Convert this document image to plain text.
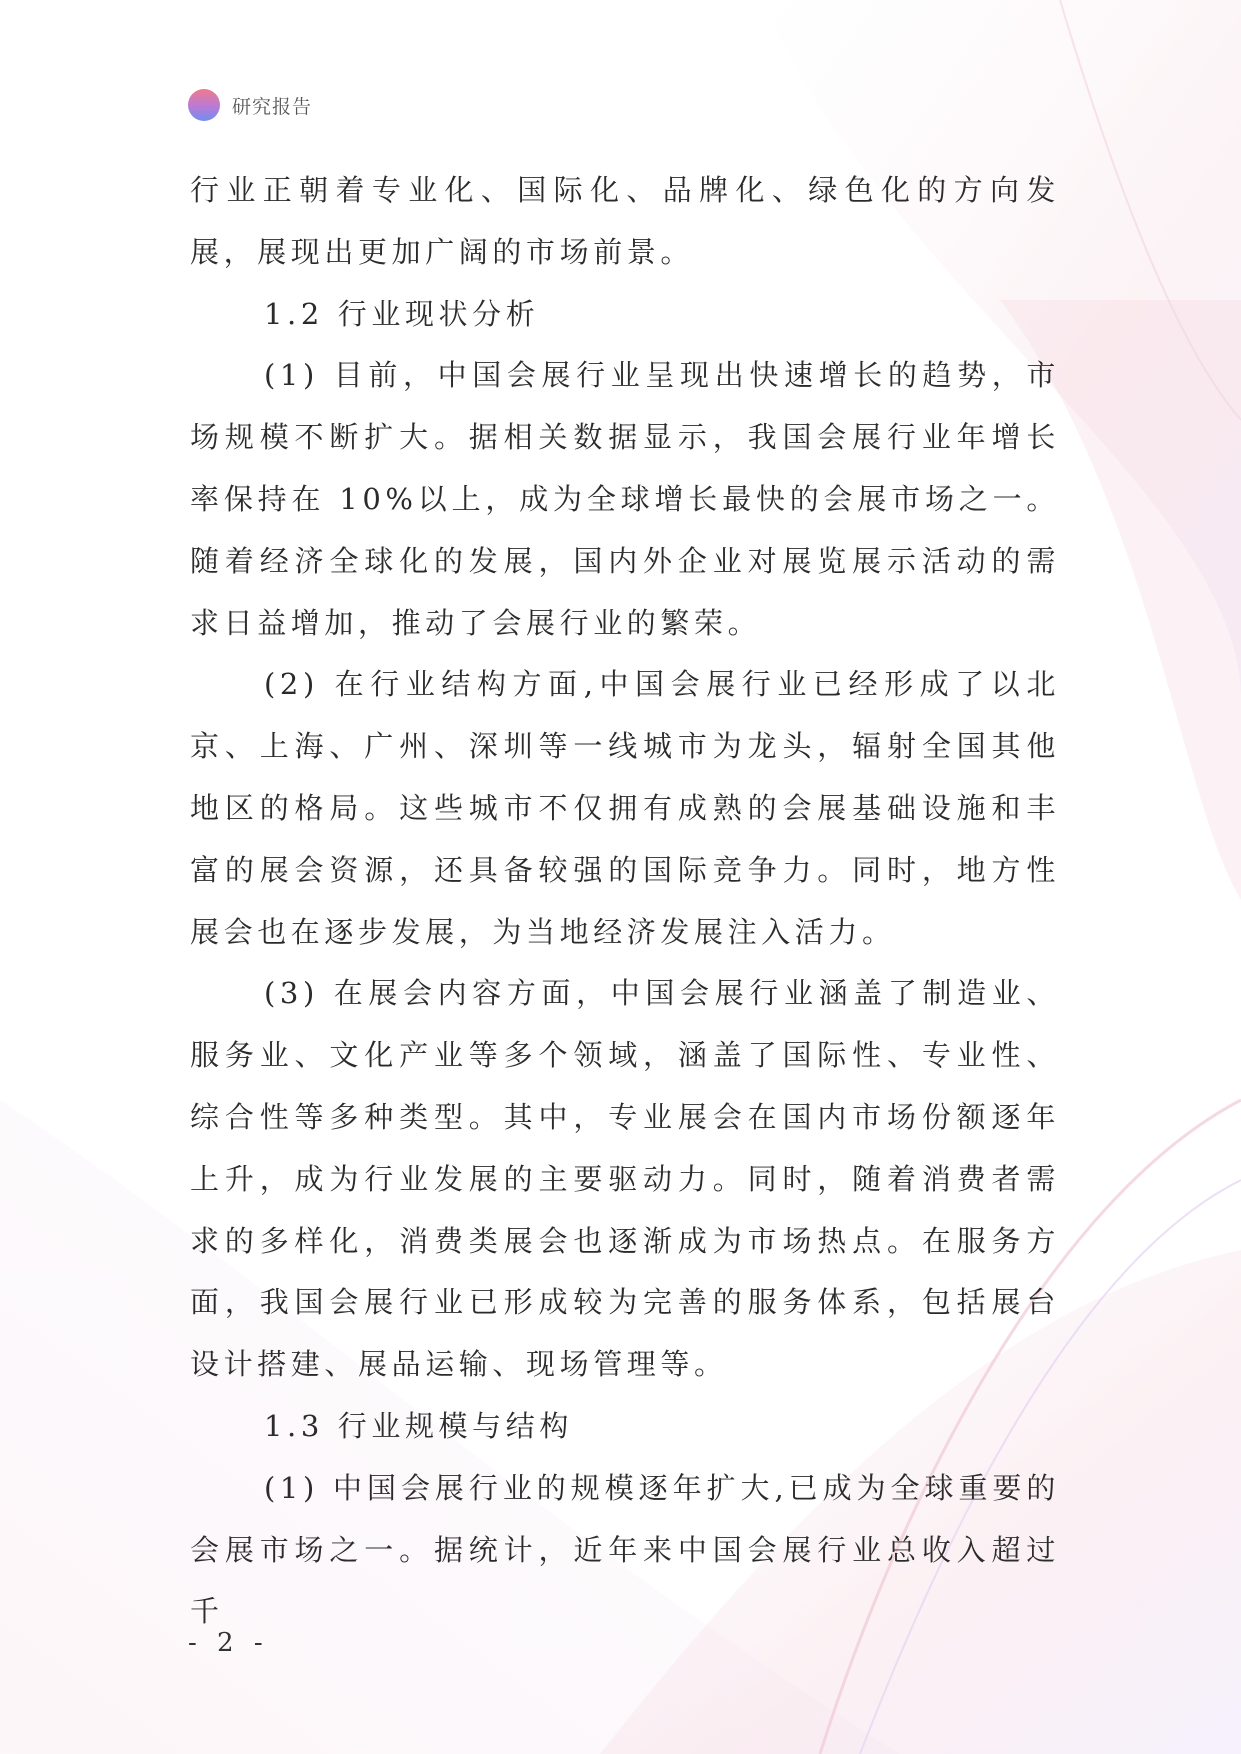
研究报告

行业正朝着专业化、国际化、品牌化、绿色化的方向发展，展现出更加广阔的市场前景。

1.2 行业现状分析

(1) 目前，中国会展行业呈现出快速增长的趋势，市场规模不断扩大。据相关数据显示，我国会展行业年增长率保持在 10%以上，成为全球增长最快的会展市场之一。随着经济全球化的发展，国内外企业对展览展示活动的需求日益增加，推动了会展行业的繁荣。

(2) 在行业结构方面,中国会展行业已经形成了以北京、上海、广州、深圳等一线城市为龙头，辐射全国其他地区的格局。这些城市不仅拥有成熟的会展基础设施和丰富的展会资源，还具备较强的国际竞争力。同时，地方性展会也在逐步发展，为当地经济发展注入活力。

(3) 在展会内容方面，中国会展行业涵盖了制造业、服务业、文化产业等多个领域，涵盖了国际性、专业性、综合性等多种类型。其中，专业展会在国内市场份额逐年上升，成为行业发展的主要驱动力。同时，随着消费者需求的多样化，消费类展会也逐渐成为市场热点。在服务方面，我国会展行业已形成较为完善的服务体系，包括展台设计搭建、展品运输、现场管理等。

1.3 行业规模与结构

(1) 中国会展行业的规模逐年扩大,已成为全球重要的会展市场之一。据统计，近年来中国会展行业总收入超过千

- 2 -
